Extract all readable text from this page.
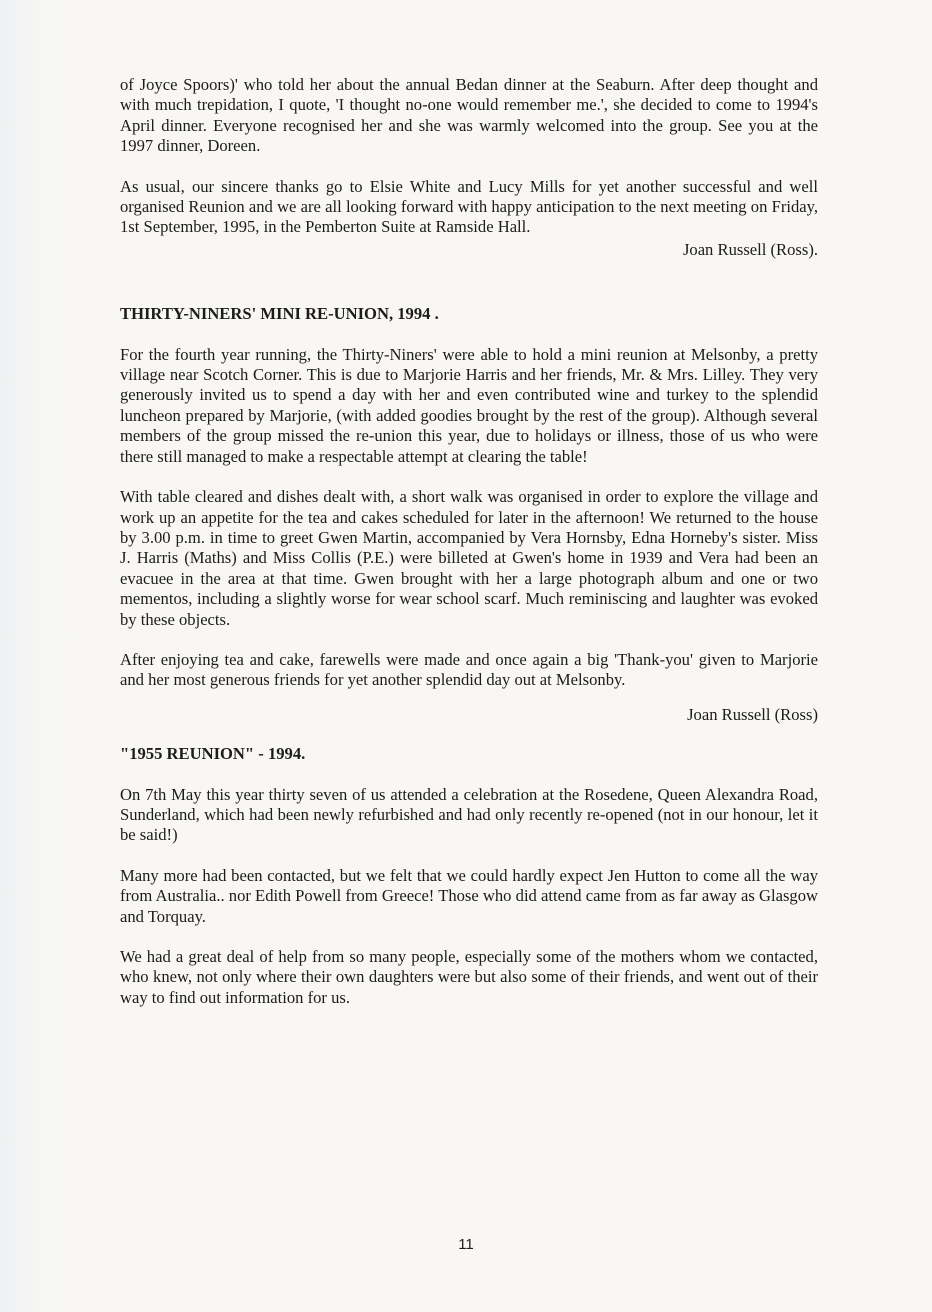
of Joyce Spoors)' who told her about the annual Bedan dinner at the Seaburn. After deep thought and with much trepidation, I quote, 'I thought no-one would remember me.', she decided to come to 1994's April dinner. Everyone recognised her and she was warmly welcomed into the group. See you at the 1997 dinner, Doreen.

As usual, our sincere thanks go to Elsie White and Lucy Mills for yet another successful and well organised Reunion and we are all looking forward with happy anticipation to the next meeting on Friday, 1st September, 1995, in the Pemberton Suite at Ramside Hall.

Joan Russell (Ross).

THIRTY-NINERS' MINI RE-UNION, 1994 .

For the fourth year running, the Thirty-Niners' were able to hold a mini reunion at Melsonby, a pretty village near Scotch Corner. This is due to Marjorie Harris and her friends, Mr. & Mrs. Lilley. They very generously invited us to spend a day with her and even contributed wine and turkey to the splendid luncheon prepared by Marjorie, (with added goodies brought by the rest of the group). Although several members of the group missed the re-union this year, due to holidays or illness, those of us who were there still managed to make a respectable attempt at clearing the table!

With table cleared and dishes dealt with, a short walk was organised in order to explore the village and work up an appetite for the tea and cakes scheduled for later in the afternoon! We returned to the house by 3.00 p.m. in time to greet Gwen Martin, accompanied by Vera Hornsby, Edna Horneby's sister. Miss J. Harris (Maths) and Miss Collis (P.E.) were billeted at Gwen's home in 1939 and Vera had been an evacuee in the area at that time. Gwen brought with her a large photograph album and one or two mementos, including a slightly worse for wear school scarf. Much reminiscing and laughter was evoked by these objects.

After enjoying tea and cake, farewells were made and once again a big 'Thank-you' given to Marjorie and her most generous friends for yet another splendid day out at Melsonby.

Joan Russell (Ross)

"1955 REUNION" - 1994.

On 7th May this year thirty seven of us attended a celebration at the Rosedene, Queen Alexandra Road, Sunderland, which had been newly refurbished and had only recently re-opened (not in our honour, let it be said!)

Many more had been contacted, but we felt that we could hardly expect Jen Hutton to come all the way from Australia.. nor Edith Powell from Greece! Those who did attend came from as far away as Glasgow and Torquay.

We had a great deal of help from so many people, especially some of the mothers whom we contacted, who knew, not only where their own daughters were but also some of their friends, and went out of their way to find out information for us.

11
